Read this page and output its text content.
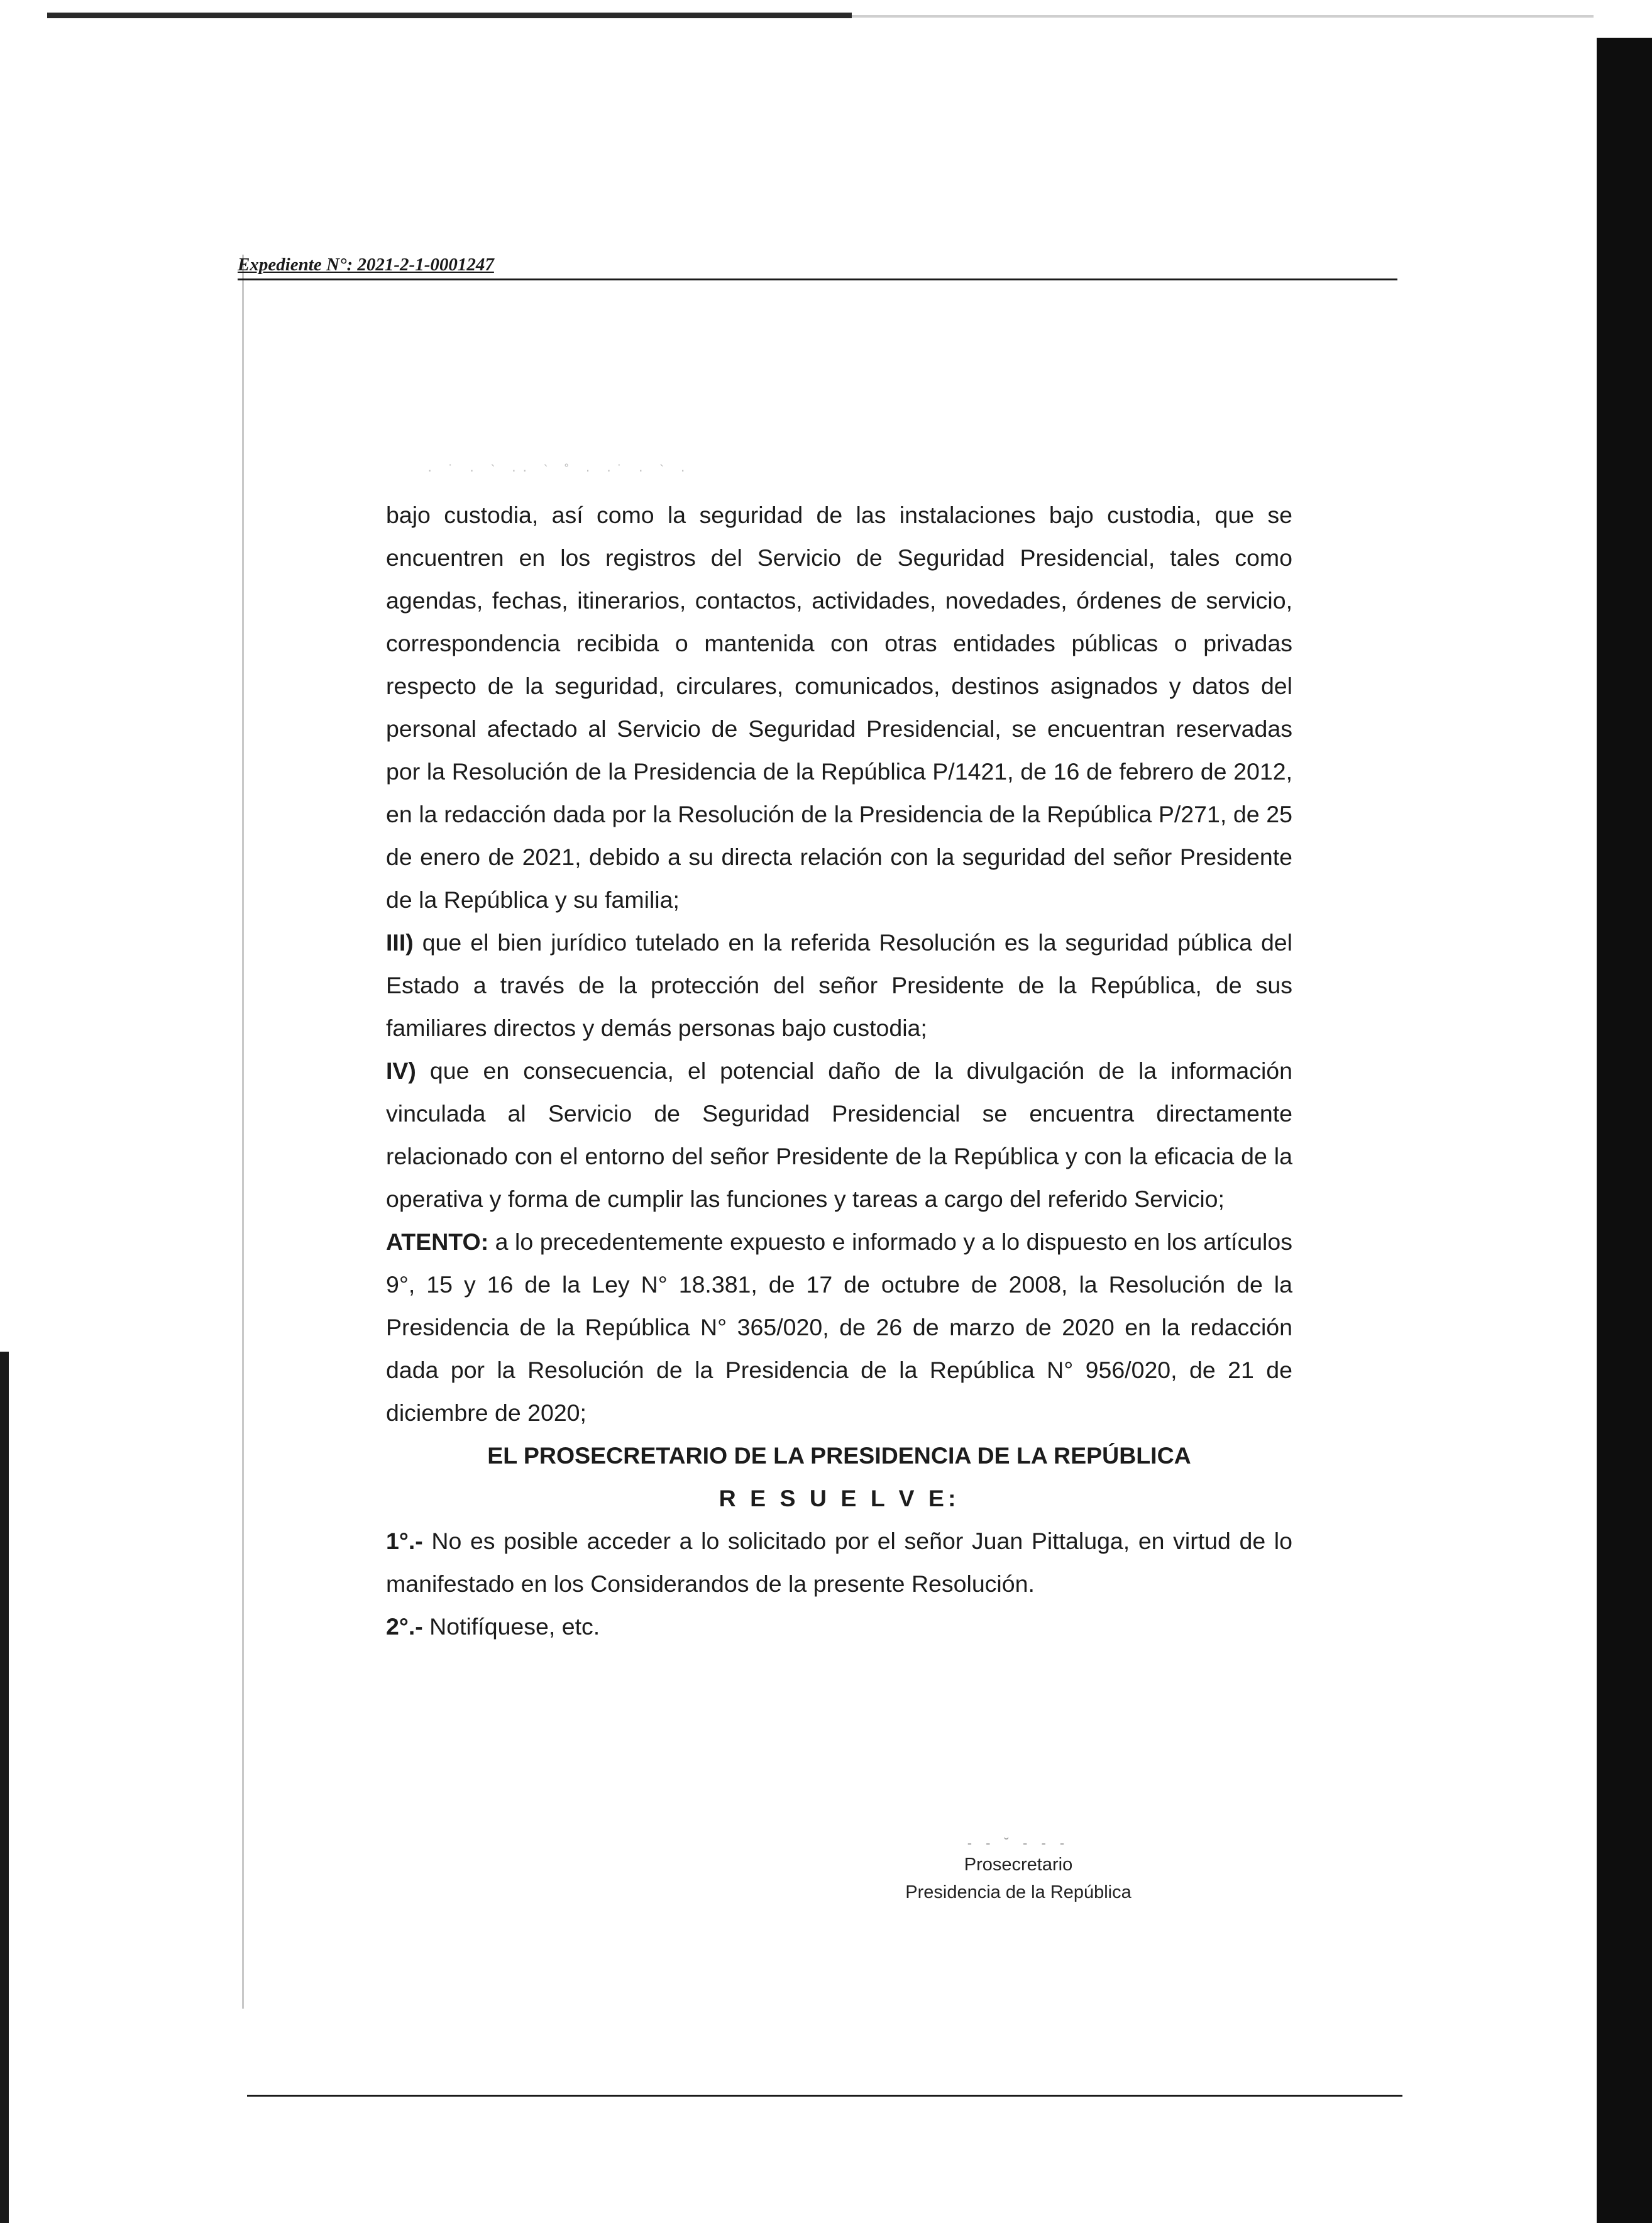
Expediente N°: 2021-2-1-0001247
· ˙ · ` ·· ` ˚ · ·˙ · ` ·

bajo custodia, así como la seguridad de las instalaciones bajo custodia, que se encuentren en los registros del Servicio de Seguridad Presidencial, tales como agendas, fechas, itinerarios, contactos, actividades, novedades, órdenes de servicio, correspondencia recibida o mantenida con otras entidades públicas o privadas respecto de la seguridad, circulares, comunicados, destinos asignados y datos del personal afectado al Servicio de Seguridad Presidencial, se encuentran reservadas por la Resolución de la Presidencia de la República P/1421, de 16 de febrero de 2012, en la redacción dada por la Resolución de la Presidencia de la República P/271, de 25 de enero de 2021, debido a su directa relación con la seguridad del señor Presidente de la República y su familia;

III) que el bien jurídico tutelado en la referida Resolución es la seguridad pública del Estado a través de la protección del señor Presidente de la República, de sus familiares directos y demás personas bajo custodia;

IV) que en consecuencia, el potencial daño de la divulgación de la información vinculada al Servicio de Seguridad Presidencial se encuentra directamente relacionado con el entorno del señor Presidente de la República y con la eficacia de la operativa y forma de cumplir las funciones y tareas a cargo del referido Servicio;

ATENTO: a lo precedentemente expuesto e informado y a lo dispuesto en los artículos 9°, 15 y 16 de la Ley N° 18.381, de 17 de octubre de 2008, la Resolución de la Presidencia de la República N° 365/020, de 26 de marzo de 2020 en la redacción dada por la Resolución de la Presidencia de la República N° 956/020, de 21 de diciembre de 2020;

EL PROSECRETARIO DE LA PRESIDENCIA DE LA REPÚBLICA

R E S U E L V E:

1°.- No es posible acceder a lo solicitado por el señor Juan Pittaluga, en virtud de lo manifestado en los Considerandos de la presente Resolución.

2°.- Notifíquese, etc.

- - ˘ - - -
Prosecretario
Presidencia de la República
